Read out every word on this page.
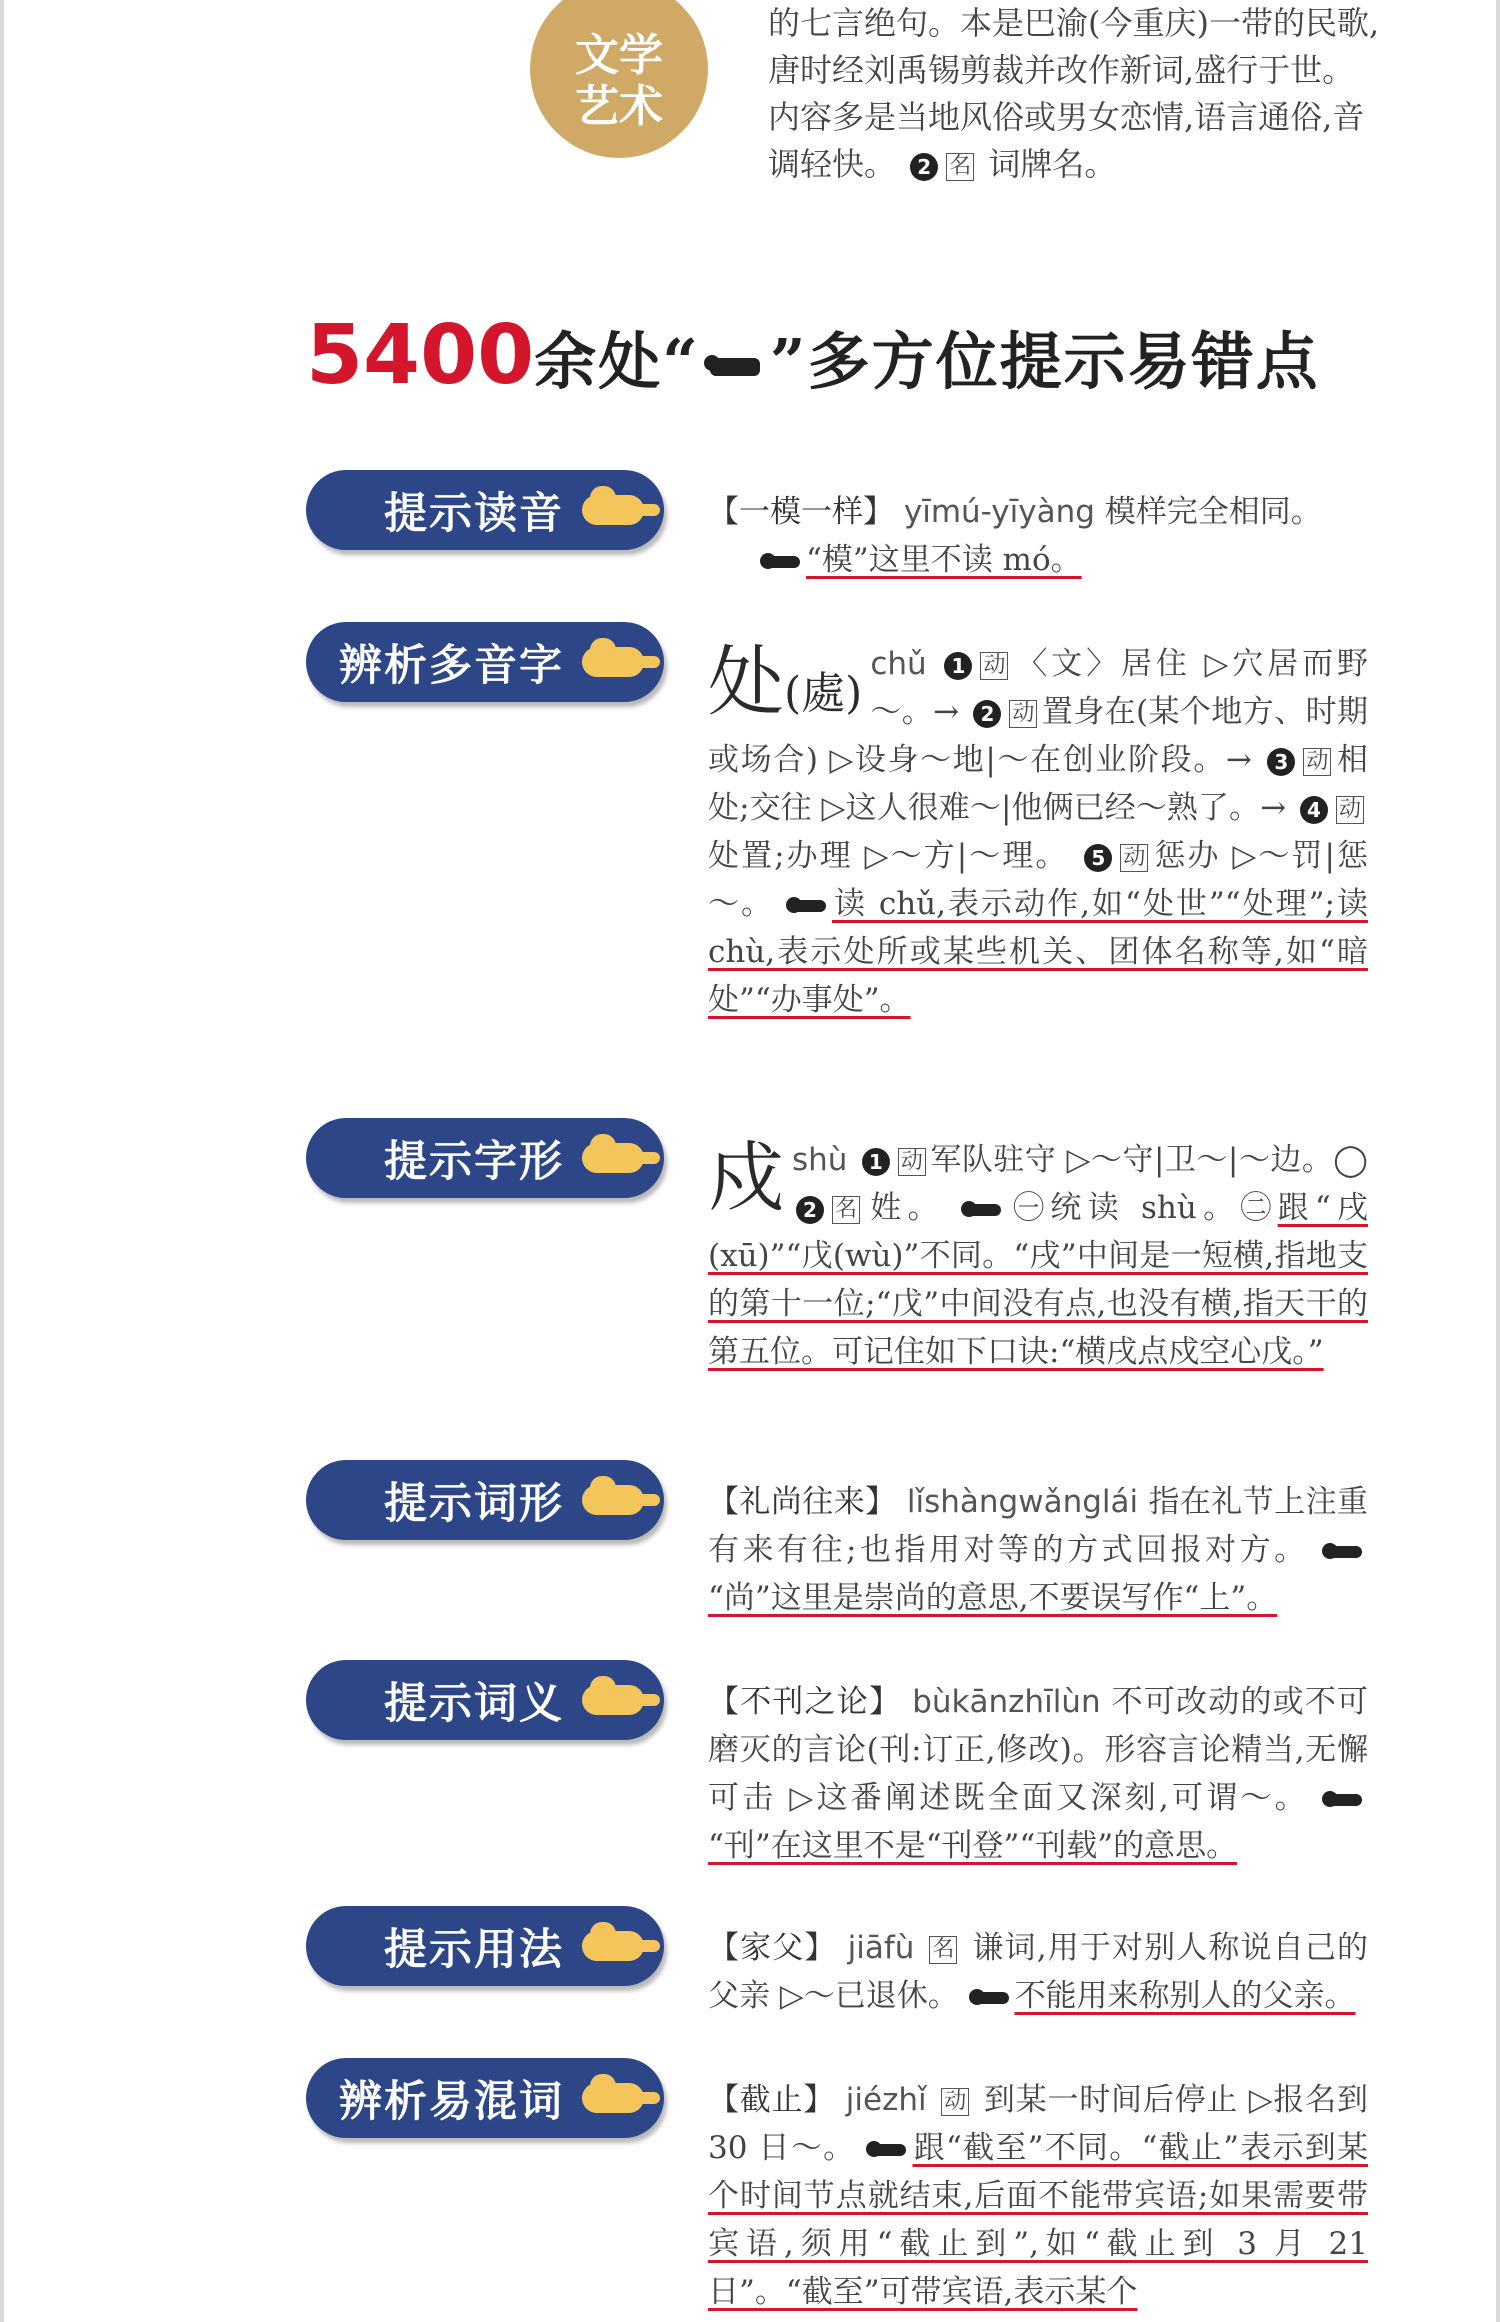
文学
艺术
的七言绝句。本是巴渝(今重庆)一带的民歌,
唐时经刘禹锡剪裁并改作新词,盛行于世。
内容多是当地风俗或男女恋情,语言通俗,音
调轻快。 2 名 词牌名。
5400余处“ ”多方位提示易错点
提示读音	【一模一样】 yīmú-yīyàng 模样完全相同。
“模”这里不读 mó。
辨析多音字 处(處)
chǔ 1 动 〈文〉居住 ▷穴居而野～。→ 2 动 置身在(某个地方、时期或场合) ▷设身～地|～在创业阶段。→ 3 动 相处;交往 ▷这人很难～|他俩已经～熟了。→ 4 动处置;办理 ▷～方|～理。 5 动 惩办 ▷～罚|惩～。 读 chǔ,表示动作,如“处世”“处理”;读 chù,表示处所或某些机关、团体名称等,如“暗处”“办事处”。
提示字形 戍 shù 1 动 军队驻守 ▷～守|卫～|～边。◯ 2 名 姓。 ㊀统读 shù。㊁跟“戌(xū)”“戊(wù)”不同。“戌”中间是一短横,指地支的第十一位;“戊”中间没有点,也没有横,指天干的第五位。可记住如下口诀:“横戌点戍空心戊。”
提示词形	【礼尚往来】 lǐshàngwǎnglái 指在礼节上注重有来有往;也指用对等的方式回报对方。 “尚”这里是崇尚的意思,不要误写作“上”。
提示词义	【不刊之论】 bùkānzhīlùn 不可改动的或不可磨灭的言论(刊:订正,修改)。形容言论精当,无懈可击 ▷这番阐述既全面又深刻,可谓～。 “刊”在这里不是“刊登”“刊载”的意思。
提示用法	【家父】 jiāfù 名 谦词,用于对别人称说自己的父亲 ▷～已退休。 不能用来称别人的父亲。
辨析易混词	【截止】 jiézhǐ 动 到某一时间后停止 ▷报名到 30 日～。 跟“截至”不同。“截止”表示到某个时间节点就结束,后面不能带宾语;如果需要带宾语,须用“截止到”,如“截止到 3 月 21 日”。“截至”可带宾语,表示某个
